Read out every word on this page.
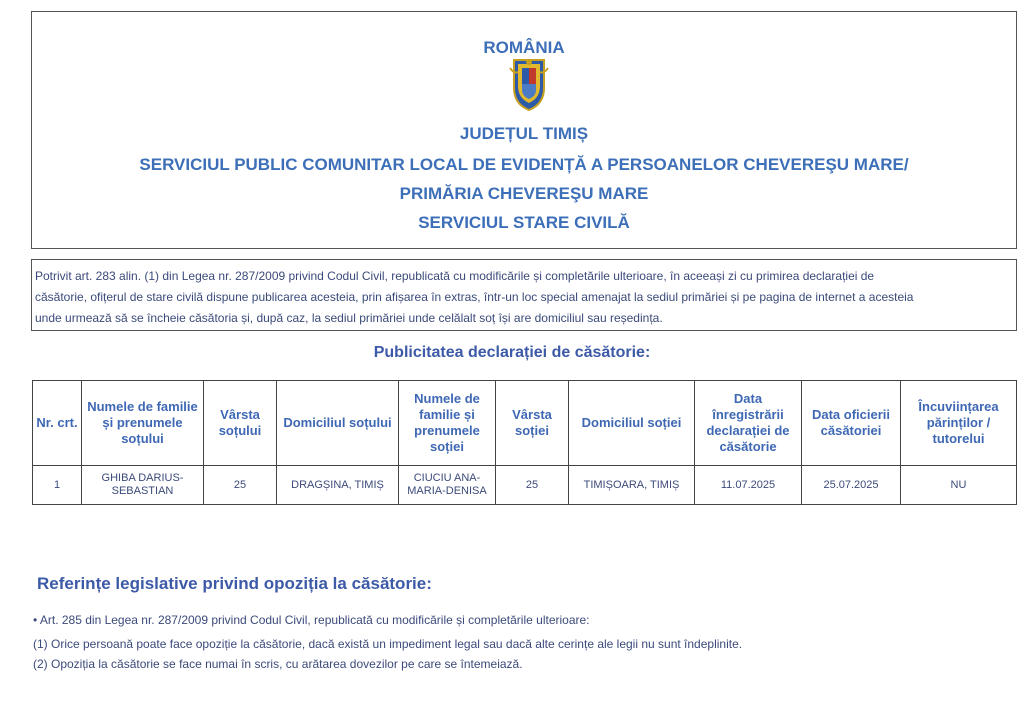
ROMÂNIA
JUDEȚUL TIMIȘ
SERVICIUL PUBLIC COMUNITAR LOCAL DE EVIDENȚĂ A PERSOANELOR CHEVEREŞU MARE/
PRIMĂRIA CHEVEREŞU MARE
SERVICIUL STARE CIVILĂ
Potrivit art. 283 alin. (1) din Legea nr. 287/2009 privind Codul Civil, republicată cu modificările și completările ulterioare, în aceeași zi cu primirea declarației de
căsătorie, ofițerul de stare civilă dispune publicarea acesteia, prin afișarea în extras, într-un loc special amenajat la sediul primăriei și pe pagina de internet a acesteia
unde urmează să se încheie căsătoria și, după caz, la sediul primăriei unde celălalt soț își are domiciliul sau reședința.
Publicitatea declarației de căsătorie:
Nr. crt.	Numele de familie și prenumele soțului	Vârsta soțului	Domiciliul soțului	Numele de familie și prenumele soției	Vârsta soției	Domiciliul soției	Data înregistrării declarației de căsătorie	Data oficierii căsătoriei	Încuviințarea părinților / tutorelui
1	GHIBA DARIUS-SEBASTIAN	25	DRAGȘINA, TIMIȘ	CIUCIU ANA-MARIA-DENISA	25	TIMIȘOARA, TIMIȘ	11.07.2025	25.07.2025	NU
Referințe legislative privind opoziția la căsătorie:
• Art. 285 din Legea nr. 287/2009 privind Codul Civil, republicată cu modificările și completările ulterioare:
(1) Orice persoană poate face opoziție la căsătorie, dacă există un impediment legal sau dacă alte cerințe ale legii nu sunt îndeplinite.
(2) Opoziția la căsătorie se face numai în scris, cu arătarea dovezilor pe care se întemeiază.
